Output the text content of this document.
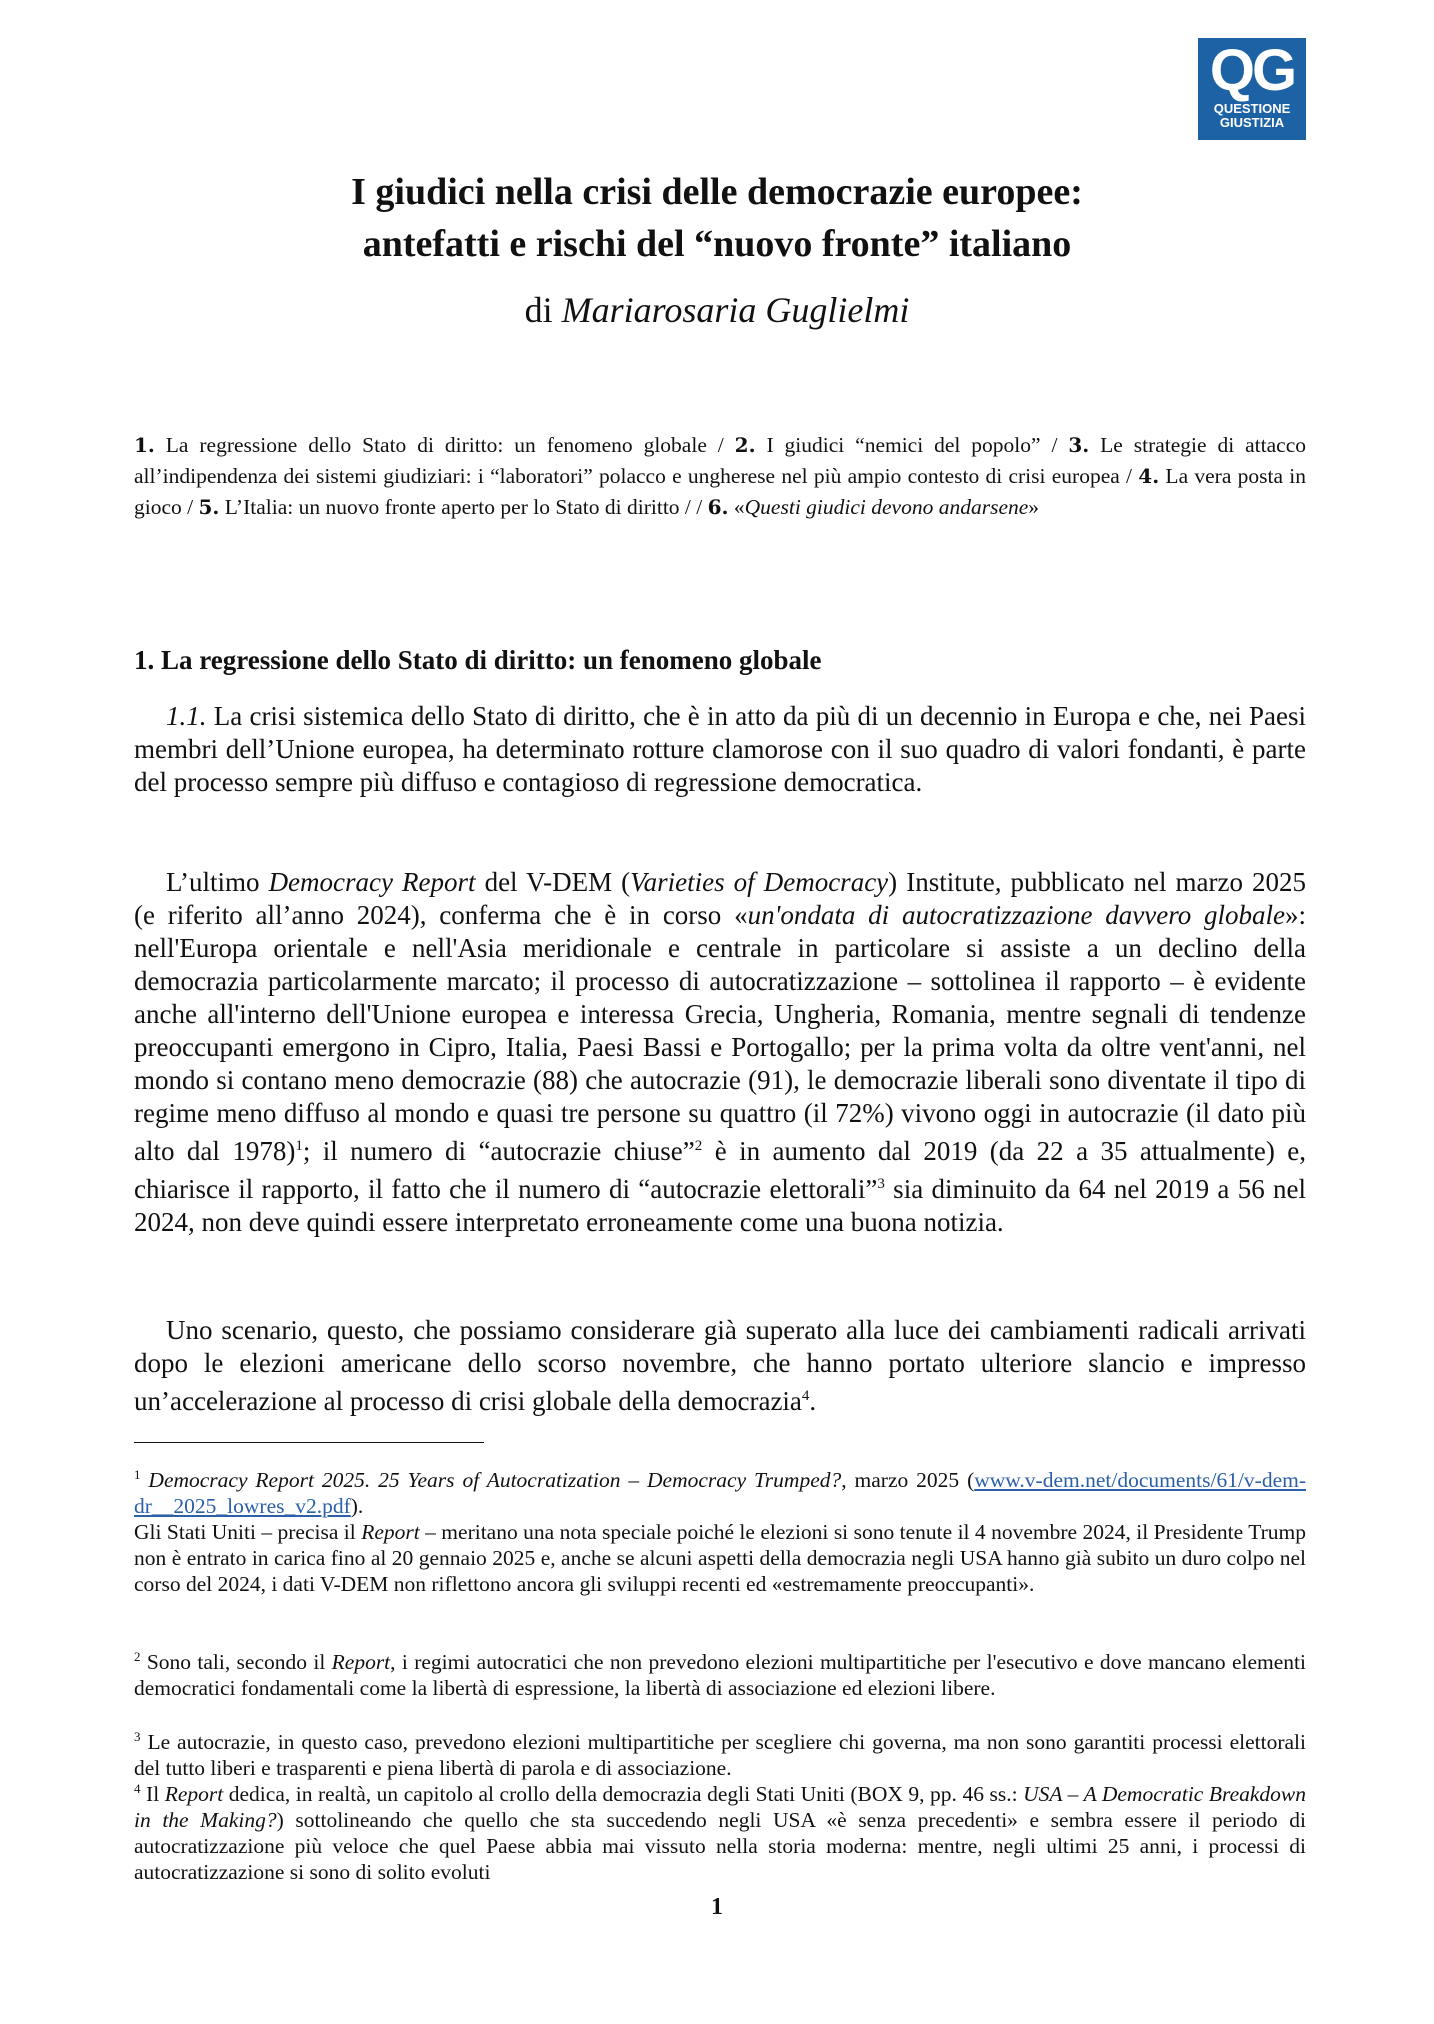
QG
QUESTIONE
GIUSTIZIA
I giudici nella crisi delle democrazie europee:
antefatti e rischi del “nuovo fronte” italiano
di Mariarosaria Guglielmi

1. La regressione dello Stato di diritto: un fenomeno globale / 2. I giudici “nemici del popolo” / 3. Le strategie di attacco all’indipendenza dei sistemi giudiziari: i “laboratori” polacco e ungherese nel più ampio contesto di crisi europea / 4. La vera posta in gioco / 5. L’Italia: un nuovo fronte aperto per lo Stato di diritto / / 6. «Questi giudici devono andarsene»

1. La regressione dello Stato di diritto: un fenomeno globale

1.1. La crisi sistemica dello Stato di diritto, che è in atto da più di un decennio in Europa e che, nei Paesi membri dell’Unione europea, ha determinato rotture clamorose con il suo quadro di valori fondanti, è parte del processo sempre più diffuso e contagioso di regressione democratica.

L’ultimo Democracy Report del V-DEM (Varieties of Democracy) Institute, pubblicato nel marzo 2025 (e riferito all’anno 2024), conferma che è in corso «un'ondata di autocratizzazione davvero globale»: nell'Europa orientale e nell'Asia meridionale e centrale in particolare si assiste a un declino della democrazia particolarmente marcato; il processo di autocratizzazione – sottolinea il rapporto – è evidente anche all'interno dell'Unione europea e interessa Grecia, Ungheria, Romania, mentre segnali di tendenze preoccupanti emergono in Cipro, Italia, Paesi Bassi e Portogallo; per la prima volta da oltre vent'anni, nel mondo si contano meno democrazie (88) che autocrazie (91), le democrazie liberali sono diventate il tipo di regime meno diffuso al mondo e quasi tre persone su quattro (il 72%) vivono oggi in autocrazie (il dato più alto dal 1978)$^1$; il numero di “autocrazie chiuse”$^2$ è in aumento dal 2019 (da 22 a 35 attualmente) e, chiarisce il rapporto, il fatto che il numero di “autocrazie elettorali”$^3$ sia diminuito da 64 nel 2019 a 56 nel 2024, non deve quindi essere interpretato erroneamente come una buona notizia.

Uno scenario, questo, che possiamo considerare già superato alla luce dei cambiamenti radicali arrivati dopo le elezioni americane dello scorso novembre, che hanno portato ulteriore slancio e impresso un’accelerazione al processo di crisi globale della democrazia$^4$.

$^1$ Democracy Report 2025. 25 Years of Autocratization – Democracy Trumped?, marzo 2025 (www.v-dem.net/documents/61/v-dem-dr__2025_lowres_v2.pdf).
Gli Stati Uniti – precisa il Report – meritano una nota speciale poiché le elezioni si sono tenute il 4 novembre 2024, il Presidente Trump non è entrato in carica fino al 20 gennaio 2025 e, anche se alcuni aspetti della democrazia negli USA hanno già subito un duro colpo nel corso del 2024, i dati V-DEM non riflettono ancora gli sviluppi recenti ed «estremamente preoccupanti».

$^2$ Sono tali, secondo il Report, i regimi autocratici che non prevedono elezioni multipartitiche per l'esecutivo e dove mancano elementi democratici fondamentali come la libertà di espressione, la libertà di associazione ed elezioni libere.

$^3$ Le autocrazie, in questo caso, prevedono elezioni multipartitiche per scegliere chi governa, ma non sono garantiti processi elettorali del tutto liberi e trasparenti e piena libertà di parola e di associazione.

$^4$ Il Report dedica, in realtà, un capitolo al crollo della democrazia degli Stati Uniti (BOX 9, pp. 46 ss.: USA – A Democratic Breakdown in the Making?) sottolineando che quello che sta succedendo negli USA «è senza precedenti» e sembra essere il periodo di autocratizzazione più veloce che quel Paese abbia mai vissuto nella storia moderna: mentre, negli ultimi 25 anni, i processi di autocratizzazione si sono di solito evoluti

1
